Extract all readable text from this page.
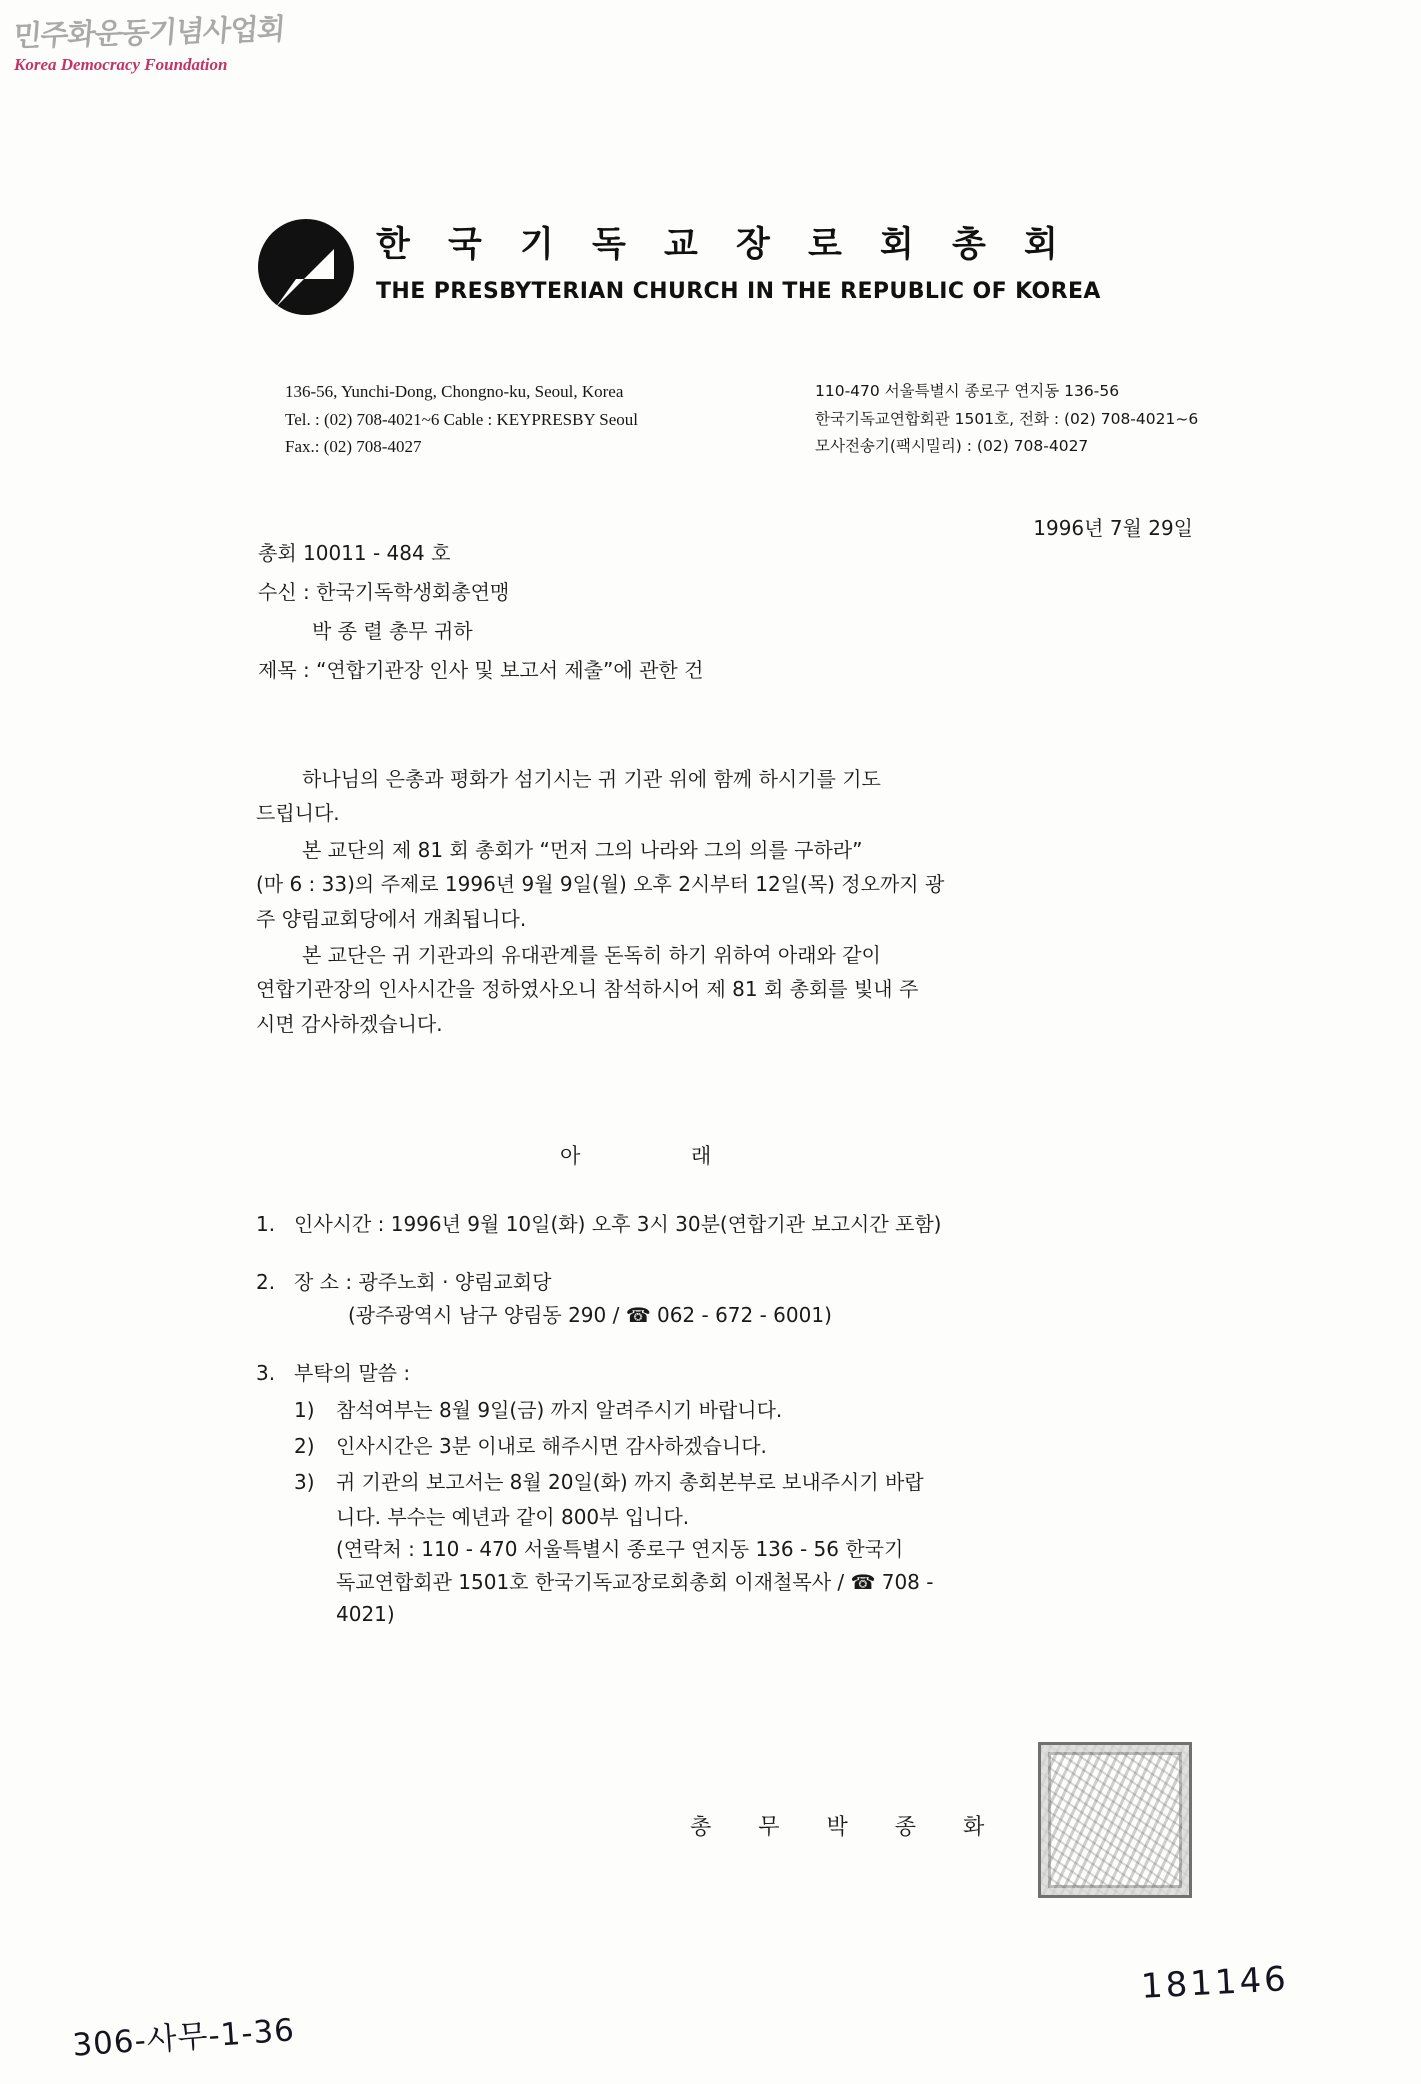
민주화운동기념사업회
Korea Democracy Foundation
한 국 기 독 교 장 로 회 총 회
THE PRESBYTERIAN CHURCH IN THE REPUBLIC OF KOREA
136-56, Yunchi-Dong, Chongno-ku, Seoul, Korea
Tel. : (02) 708-4021~6 Cable : KEYPRESBY Seoul
Fax.: (02) 708-4027
110-470 서울특별시 종로구 연지동 136-56
한국기독교연합회관 1501호, 전화 : (02) 708-4021~6
모사전송기(팩시밀리) : (02) 708-4027
1996년 7월 29일
총회 10011 - 484 호
수신 : 한국기독학생회총연맹
박 종 렬 총무 귀하
제목 : “연합기관장 인사 및 보고서 제출”에 관한 건
하나님의 은총과 평화가 섬기시는 귀 기관 위에 함께 하시기를 기도
드립니다.
본 교단의 제 81 회 총회가 “먼저 그의 나라와 그의 의를 구하라”
(마 6 : 33)의 주제로 1996년 9월 9일(월) 오후 2시부터 12일(목) 정오까지 광
주 양림교회당에서 개최됩니다.
본 교단은 귀 기관과의 유대관계를 돈독히 하기 위하여 아래와 같이
연합기관장의 인사시간을 정하였사오니 참석하시어 제 81 회 총회를 빛내 주
시면 감사하겠습니다.
아 래
1. 인사시간 : 1996년 9월 10일(화) 오후 3시 30분(연합기관 보고시간 포함)
2. 장 소 : 광주노회 · 양림교회당
(광주광역시 남구 양림동 290 / ☎ 062 - 672 - 6001)
3. 부탁의 말씀 :
1)	참석여부는 8월 9일(금) 까지 알려주시기 바랍니다.
2)	인사시간은 3분 이내로 해주시면 감사하겠습니다.
3)	귀 기관의 보고서는 8월 20일(화) 까지 총회본부로 보내주시기 바랍
니다. 부수는 예년과 같이 800부 입니다.
(연락처 : 110 - 470 서울특별시 종로구 연지동 136 - 56 한국기
독교연합회관 1501호 한국기독교장로회총회 이재철목사 / ☎ 708 -
4021)
총 무 박 종 화
181146
306-사무-1-36
